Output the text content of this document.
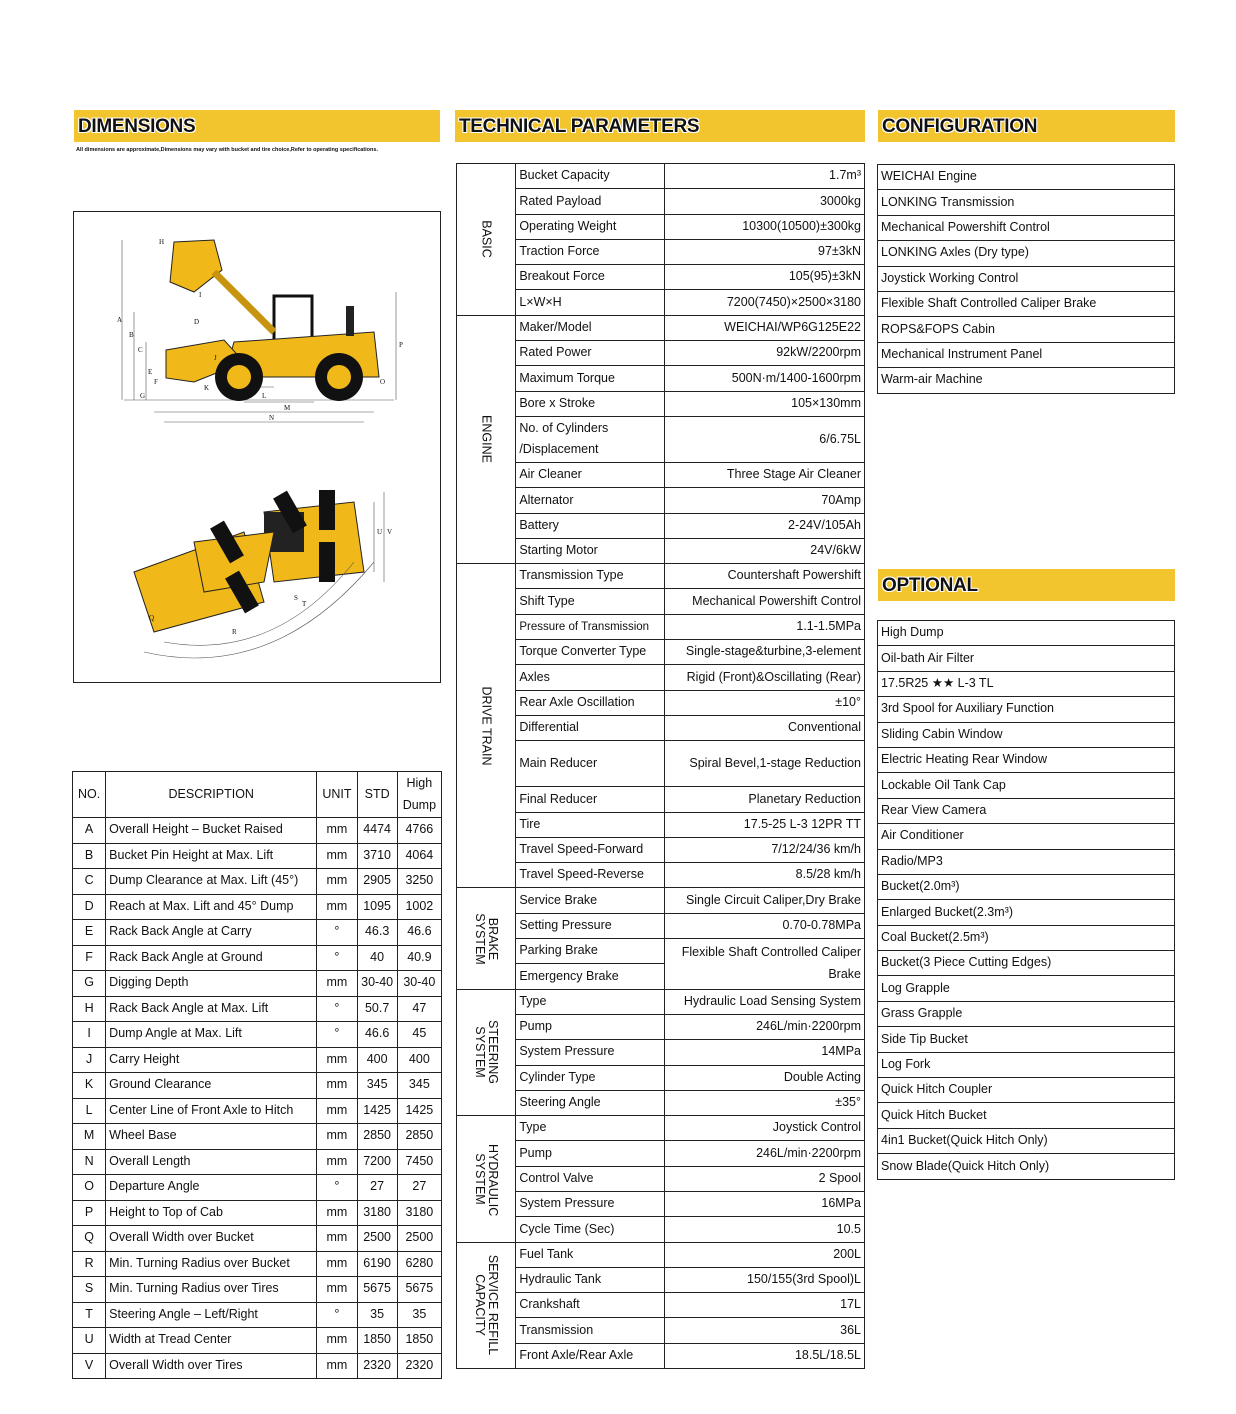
DIMENSIONS	TECHNICAL PARAMETERS	CONFIGURATION
OPTIONAL
All dimensions are approximate,Dimensions may vary with bucket and tire choice,Refer to operating specifications.
A
B
C
D
E
F
G
H
I
J
K
L
M
N
O
P
Q
R
S
T
U V
NO.	DESCRIPTION	UNIT	STD	High Dump
A	Overall Height – Bucket Raised	mm	4474	4766
B	Bucket Pin Height at Max. Lift	mm	3710	4064
C	Dump Clearance at Max. Lift (45°)	mm	2905	3250
D	Reach at Max. Lift and 45° Dump	mm	1095	1002
E	Rack Back Angle at Carry	°	46.3	46.6
F	Rack Back Angle at Ground	°	40	40.9
G	Digging Depth	mm	30-40	30-40
H	Rack Back Angle at Max. Lift	°	50.7	47
I	Dump Angle at Max. Lift	°	46.6	45
J	Carry Height	mm	400	400
K	Ground Clearance	mm	345	345
L	Center Line of Front Axle to Hitch	mm	1425	1425
M	Wheel Base	mm	2850	2850
N	Overall Length	mm	7200	7450
O	Departure Angle	°	27	27
P	Height to Top of Cab	mm	3180	3180
Q	Overall Width over Bucket	mm	2500	2500
R	Min. Turning Radius over Bucket	mm	6190	6280
S	Min. Turning Radius over Tires	mm	5675	5675
T	Steering Angle – Left/Right	°	35	35
U	Width at Tread Center	mm	1850	1850
V	Overall Width over Tires	mm	2320	2320
BASIC	Bucket Capacity	1.7m³
	Rated Payload	3000kg
	Operating Weight	10300(10500)±300kg
	Traction Force	97±3kN
	Breakout Force	105(95)±3kN
	L×W×H	7200(7450)×2500×3180

ENGINE	Maker/Model	WEICHAI/WP6G125E22
	Rated Power	92kW/2200rpm
	Maximum Torque	500N·m/1400-1600rpm
	Bore x Stroke	105×130mm
	No. of Cylinders /Displacement	6/6.75L
	Air Cleaner	Three Stage Air Cleaner
	Alternator	70Amp
	Battery	2-24V/105Ah
	Starting Motor	24V/6kW

DRIVE TRAIN	Transmission Type	Countershaft Powershift
	Shift Type	Mechanical Powershift Control
	Pressure of Transmission	1.1-1.5MPa
	Torque Converter Type	Single-stage&turbine,3-element
	Axles	Rigid (Front)&Oscillating (Rear)
	Rear Axle Oscillation	±10°
	Differential	Conventional
	Main Reducer	Spiral Bevel,1-stage Reduction
	Final Reducer	Planetary Reduction
	Tire	17.5-25 L-3 12PR TT
	Travel Speed-Forward	7/12/24/36 km/h
	Travel Speed-Reverse	8.5/28 km/h

BRAKE SYSTEM	Service Brake	Single Circuit Caliper,Dry Brake
	Setting Pressure	0.70-0.78MPa
	Parking Brake	Flexible Shaft Controlled Caliper Brake
	Emergency Brake	

STEERING SYSTEM	Type	Hydraulic Load Sensing System
	Pump	246L/min·2200rpm
	System Pressure	14MPa
	Cylinder Type	Double Acting
	Steering Angle	±35°

HYDRAULIC SYSTEM	Type	Joystick Control
	Pump	246L/min·2200rpm
	Control Valve	2 Spool
	System Pressure	16MPa
	Cycle Time (Sec)	10.5

SERVICE REFILL CAPACITY	Fuel Tank	200L
	Hydraulic Tank	150/155(3rd Spool)L
	Crankshaft	17L
	Transmission	36L
	Front Axle/Rear Axle	18.5L/18.5L
WEICHAI Engine
LONKING Transmission
Mechanical Powershift Control
LONKING Axles (Dry type)
Joystick Working Control
Flexible Shaft Controlled Caliper Brake
ROPS&FOPS Cabin
Mechanical Instrument Panel
Warm-air Machine
High Dump
Oil-bath Air Filter
17.5R25 ★★ L-3 TL
3rd Spool for Auxiliary Function
Sliding Cabin Window
Electric Heating Rear Window
Lockable Oil Tank Cap
Rear View Camera
Air Conditioner
Radio/MP3
Bucket(2.0m³)
Enlarged Bucket(2.3m³)
Coal Bucket(2.5m³)
Bucket(3 Piece Cutting Edges)
Log Grapple
Grass Grapple
Side Tip Bucket
Log Fork
Quick Hitch Coupler
Quick Hitch Bucket
4in1 Bucket(Quick Hitch Only)
Snow Blade(Quick Hitch Only)
